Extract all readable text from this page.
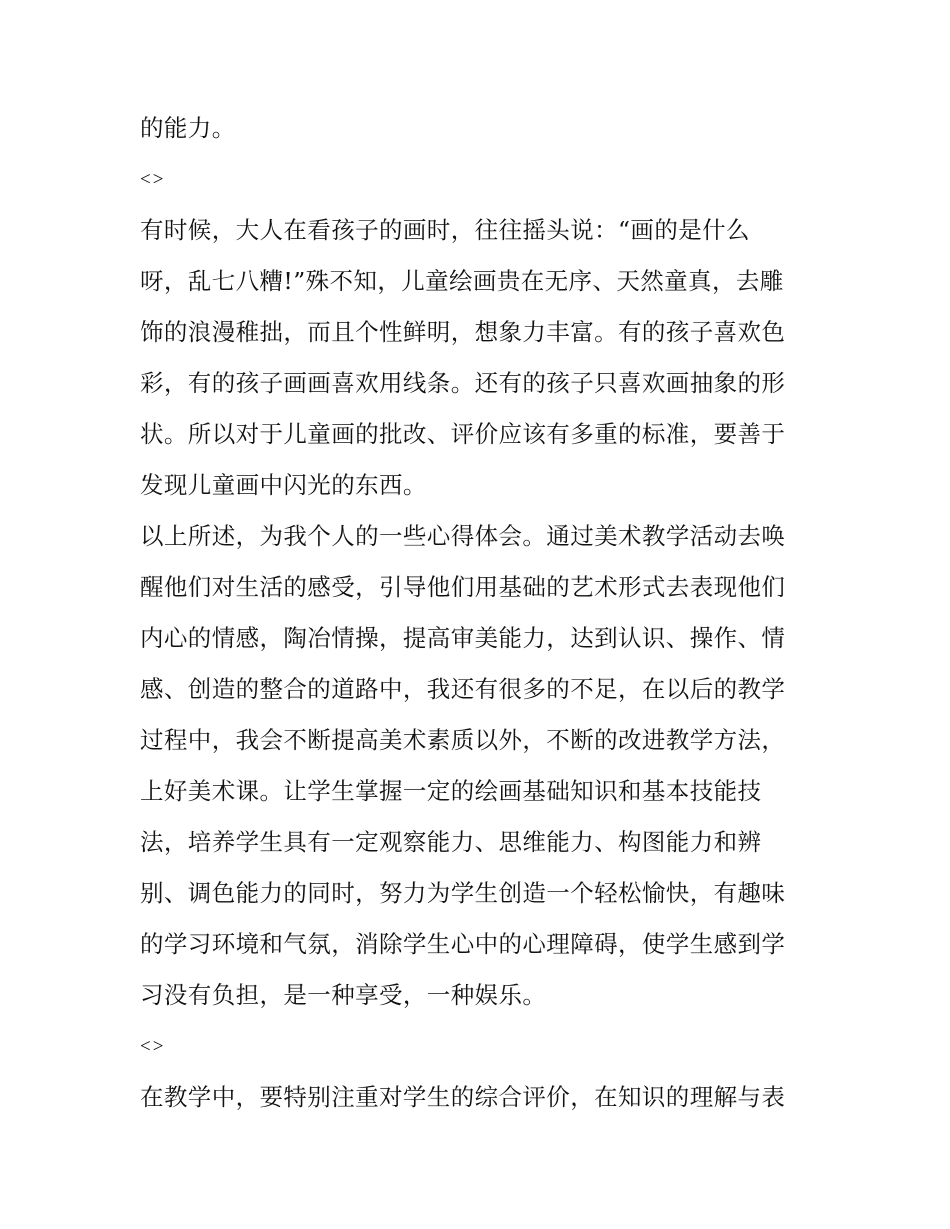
的能力。

<>

有时候，大人在看孩子的画时，往往摇头说：“画的是什么
呀，乱七八糟!”殊不知，儿童绘画贵在无序、天然童真，去雕
饰的浪漫稚拙，而且个性鲜明，想象力丰富。有的孩子喜欢色
彩，有的孩子画画喜欢用线条。还有的孩子只喜欢画抽象的形
状。所以对于儿童画的批改、评价应该有多重的标准，要善于
发现儿童画中闪光的东西。

以上所述，为我个人的一些心得体会。通过美术教学活动去唤
醒他们对生活的感受，引导他们用基础的艺术形式去表现他们
内心的情感，陶冶情操，提高审美能力，达到认识、操作、情
感、创造的整合的道路中，我还有很多的不足，在以后的教学
过程中，我会不断提高美术素质以外，不断的改进教学方法，
上好美术课。让学生掌握一定的绘画基础知识和基本技能技
法，培养学生具有一定观察能力、思维能力、构图能力和辨
别、调色能力的同时，努力为学生创造一个轻松愉快，有趣味
的学习环境和气氛，消除学生心中的心理障碍，使学生感到学
习没有负担，是一种享受，一种娱乐。

<>

在教学中，要特别注重对学生的综合评价，在知识的理解与表
